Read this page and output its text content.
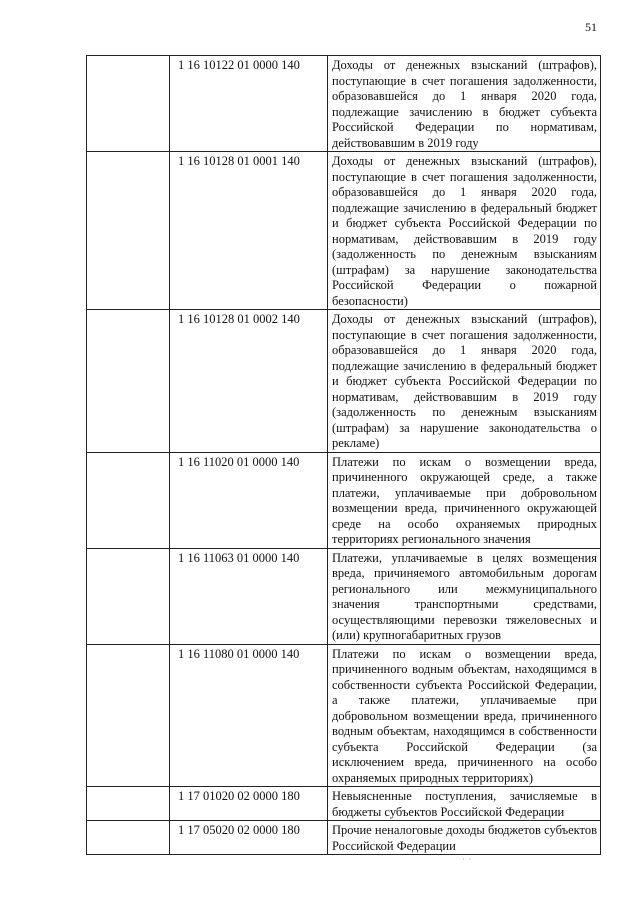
51
	1 16 10122 01 0000 140	Доходы от денежных взысканий (штрафов), поступающие в счет погашения задолженности, образовавшейся до 1 января 2020 года, подлежащие зачислению в бюджет субъекта Российской Федерации по нормативам, действовавшим в 2019 году
	1 16 10128 01 0001 140	Доходы от денежных взысканий (штрафов), поступающие в счет погашения задолженности, образовавшейся до 1 января 2020 года, подлежащие зачислению в федеральный бюджет и бюджет субъекта Российской Федерации по нормативам, действовавшим в 2019 году (задолженность по денежным взысканиям (штрафам) за нарушение законодательства Российской Федерации о пожарной безопасности)
	1 16 10128 01 0002 140	Доходы от денежных взысканий (штрафов), поступающие в счет погашения задолженности, образовавшейся до 1 января 2020 года, подлежащие зачислению в федеральный бюджет и бюджет субъекта Российской Федерации по нормативам, действовавшим в 2019 году (задолженность по денежным взысканиям (штрафам) за нарушение законодательства о рекламе)
	1 16 11020 01 0000 140	Платежи по искам о возмещении вреда, причиненного окружающей среде, а также платежи, уплачиваемые при добровольном возмещении вреда, причиненного окружающей среде на особо охраняемых природных территориях регионального значения
	1 16 11063 01 0000 140	Платежи, уплачиваемые в целях возмещения вреда, причиняемого автомобильным дорогам регионального или межмуниципального значения транспортными средствами, осуществляющими перевозки тяжеловесных и (или) крупногабаритных грузов
	1 16 11080 01 0000 140	Платежи по искам о возмещении вреда, причиненного водным объектам, находящимся в собственности субъекта Российской Федерации, а также платежи, уплачиваемые при добровольном возмещении вреда, причиненного водным объектам, находящимся в собственности субъекта Российской Федерации (за исключением вреда, причиненного на особо охраняемых природных территориях)
	1 17 01020 02 0000 180	Невыясненные поступления, зачисляемые в бюджеты субъектов Российской Федерации
	1 17 05020 02 0000 180	Прочие неналоговые доходы бюджетов субъектов Российской Федерации
·  ·
